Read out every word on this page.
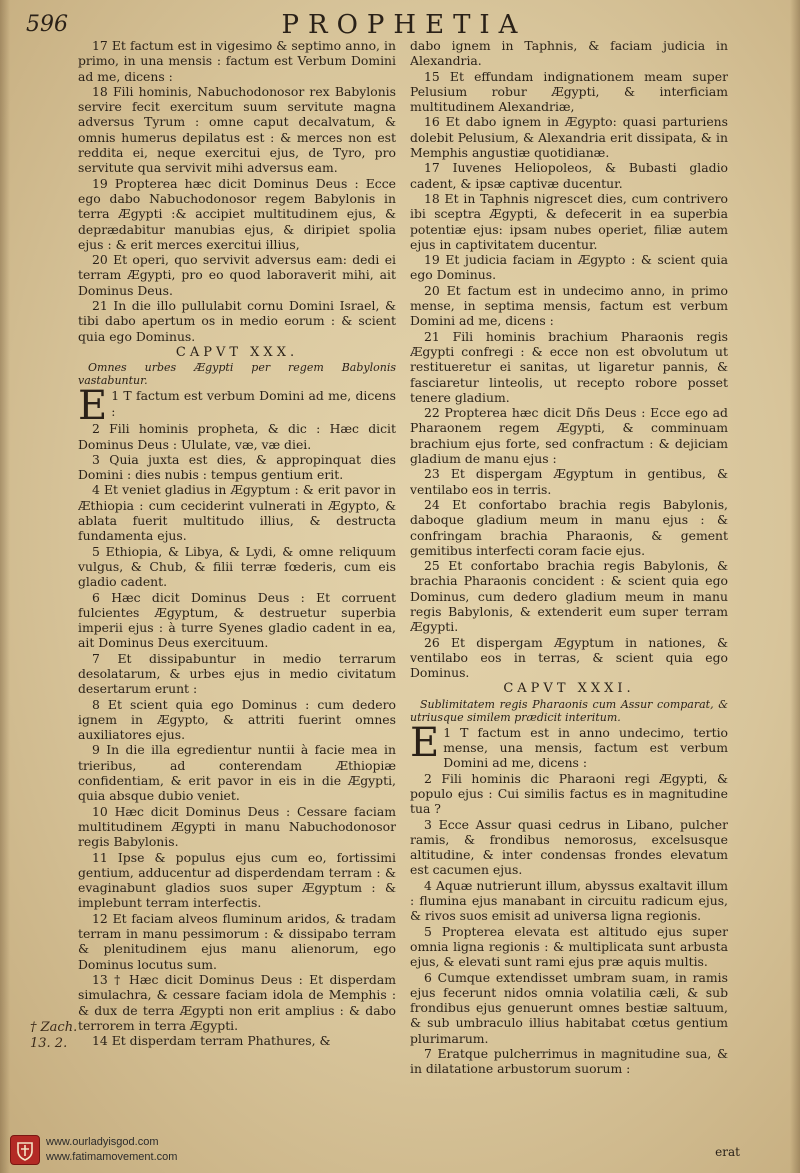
596	PROPHETIA

17 Et factum est in vigesimo & septimo anno, in primo, in una mensis : factum est Verbum Domini ad me, dicens :

18 Fili hominis, Nabuchodonosor rex Babylonis servire fecit exercitum suum servitute magna adversus Tyrum : omne caput decalvatum, & omnis humerus depilatus est : & merces non est reddita ei, neque exercitui ejus, de Tyro, pro servitute qua servivit mihi adversus eam.

19 Propterea hæc dicit Dominus Deus : Ecce ego dabo Nabuchodonosor regem Babylonis in terra Ægypti :& accipiet multitudinem ejus, & deprædabitur manubias ejus, & diripiet spolia ejus : & erit merces exercitui illius,

20 Et operi, quo servivit adversus eam: dedi ei terram Ægypti, pro eo quod laboraverit mihi, ait Dominus Deus.

21 In die illo pullulabit cornu Domini Israel, & tibi dabo apertum os in medio eorum : & scient quia ego Dominus.

CAPVT XXX.
Omnes urbes Ægypti per regem Babylonis vastabuntur.

E 1 T factum est verbum Domini ad me, dicens :

2 Fili hominis propheta, & dic : Hæc dicit Dominus Deus : Ululate, væ, væ diei.

3 Quia juxta est dies, & appropinquat dies Domini : dies nubis : tempus gentium erit.

4 Et veniet gladius in Ægyptum : & erit pavor in Æthiopia : cum ceciderint vulnerati in Ægypto, & ablata fuerit multitudo illius, & destructa fundamenta ejus.

5 Ethiopia, & Libya, & Lydi, & omne reliquum vulgus, & Chub, & filii terræ fœderis, cum eis gladio cadent.

6 Hæc dicit Dominus Deus : Et corruent fulcientes Ægyptum, & destruetur superbia imperii ejus : à turre Syenes gladio cadent in ea, ait Dominus Deus exercituum.

7 Et dissipabuntur in medio terrarum desolatarum, & urbes ejus in medio civitatum desertarum erunt :

8 Et scient quia ego Dominus : cum dedero ignem in Ægypto, & attriti fuerint omnes auxiliatores ejus.

9 In die illa egredientur nuntii à facie mea in trieribus, ad conterendam Æthiopiæ confidentiam, & erit pavor in eis in die Ægypti, quia absque dubio veniet.

10 Hæc dicit Dominus Deus : Cessare faciam multitudinem Ægypti in manu Nabuchodonosor regis Babylonis.

11 Ipse & populus ejus cum eo, fortissimi gentium, adducentur ad disperdendam terram : & evaginabunt gladios suos super Ægyptum : & implebunt terram interfectis.

12 Et faciam alveos fluminum aridos, & tradam terram in manu pessimorum : & dissipabo terram & plenitudinem ejus manu alienorum, ego Dominus locutus sum.

13 † Hæc dicit Dominus Deus : Et disperdam simulachra, & cessare faciam idola de Memphis : & dux de terra Ægypti non erit amplius : & dabo terrorem in terra Ægypti.

14 Et disperdam terram Phathures, &

† Zach. 13. 2.

dabo ignem in Taphnis, & faciam judicia in Alexandria.

15 Et effundam indignationem meam super Pelusium robur Ægypti, & interficiam multitudinem Alexandriæ,

16 Et dabo ignem in Ægypto: quasi parturiens dolebit Pelusium, & Alexandria erit dissipata, & in Memphis angustiæ quotidianæ.

17 Iuvenes Heliopoleos, & Bubasti gladio cadent, & ipsæ captivæ ducentur.

18 Et in Taphnis nigrescet dies, cum contrivero ibi sceptra Ægypti, & defecerit in ea superbia potentiæ ejus: ipsam nubes operiet, filiæ autem ejus in captivitatem ducentur.

19 Et judicia faciam in Ægypto : & scient quia ego Dominus.

20 Et factum est in undecimo anno, in primo mense, in septima mensis, factum est verbum Domini ad me, dicens :

21 Fili hominis brachium Pharaonis regis Ægypti confregi : & ecce non est obvolutum ut restitueretur ei sanitas, ut ligaretur pannis, & fasciaretur linteolis, ut recepto robore posset tenere gladium.

22 Propterea hæc dicit Dñs Deus : Ecce ego ad Pharaonem regem Ægypti, & comminuam brachium ejus forte, sed confractum : & dejiciam gladium de manu ejus :

23 Et dispergam Ægyptum in gentibus, & ventilabo eos in terris.

24 Et confortabo brachia regis Babylonis, daboque gladium meum in manu ejus : & confringam brachia Pharaonis, & gement gemitibus interfecti coram facie ejus.

25 Et confortabo brachia regis Babylonis, & brachia Pharaonis concident : & scient quia ego Dominus, cum dedero gladium meum in manu regis Babylonis, & extenderit eum super terram Ægypti.

26 Et dispergam Ægyptum in nationes, & ventilabo eos in terras, & scient quia ego Dominus.

CAPVT XXXI.
Sublimitatem regis Pharaonis cum Assur comparat, & utriusque similem prædicit interitum.

E 1 T factum est in anno undecimo, tertio mense, una mensis, factum est verbum Domini ad me, dicens :

2 Fili hominis dic Pharaoni regi Ægypti, & populo ejus : Cui similis factus es in magnitudine tua ?

3 Ecce Assur quasi cedrus in Libano, pulcher ramis, & frondibus nemorosus, excelsusque altitudine, & inter condensas frondes elevatum est cacumen ejus.

4 Aquæ nutrierunt illum, abyssus exaltavit illum : flumina ejus manabant in circuitu radicum ejus, & rivos suos emisit ad universa ligna regionis.

5 Propterea elevata est altitudo ejus super omnia ligna regionis : & multiplicata sunt arbusta ejus, & elevati sunt rami ejus præ aquis multis.

6 Cumque extendisset umbram suam, in ramis ejus fecerunt nidos omnia volatilia cæli, & sub frondibus ejus genuerunt omnes bestiæ saltuum, & sub umbraculo illius habitabat cœtus gentium plurimarum.

7 Eratque pulcherrimus in magnitudine sua, & in dilatatione arbustorum suorum :

erat
www.ourladyisgod.com
www.fatimamovement.com
